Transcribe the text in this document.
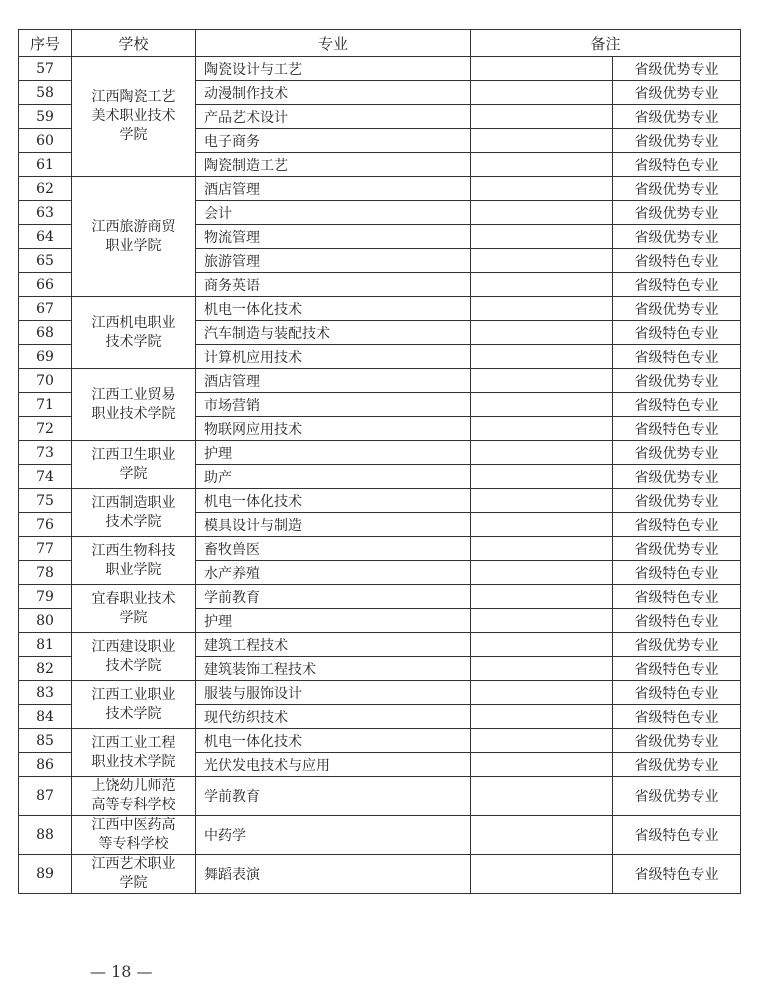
序号	学校	专业	备注	
57	江西陶瓷工艺
美术职业技术
学院	陶瓷设计与工艺		省级优势专业
58		动漫制作技术		省级优势专业
59		产品艺术设计		省级优势专业
60		电子商务		省级优势专业
61		陶瓷制造工艺		省级特色专业
62	江西旅游商贸
职业学院	酒店管理		省级优势专业
63		会计		省级优势专业
64		物流管理		省级优势专业
65		旅游管理		省级特色专业
66		商务英语		省级特色专业
67	江西机电职业
技术学院	机电一体化技术		省级优势专业
68		汽车制造与装配技术		省级特色专业
69		计算机应用技术		省级特色专业
70	江西工业贸易
职业技术学院	酒店管理		省级优势专业
71		市场营销		省级特色专业
72		物联网应用技术		省级特色专业
73	江西卫生职业
学院	护理		省级优势专业
74		助产		省级优势专业
75	江西制造职业
技术学院	机电一体化技术		省级优势专业
76		模具设计与制造		省级特色专业
77	江西生物科技
职业学院	畜牧兽医		省级优势专业
78		水产养殖		省级特色专业
79	宜春职业技术
学院	学前教育		省级特色专业
80		护理		省级特色专业
81	江西建设职业
技术学院	建筑工程技术		省级优势专业
82		建筑装饰工程技术		省级特色专业
83	江西工业职业
技术学院	服装与服饰设计		省级特色专业
84		现代纺织技术		省级特色专业
85	江西工业工程
职业技术学院	机电一体化技术		省级优势专业
86		光伏发电技术与应用		省级优势专业
87	上饶幼儿师范
高等专科学校	学前教育		省级优势专业
88	江西中医药高
等专科学校	中药学		省级特色专业
89	江西艺术职业
学院	舞蹈表演		省级特色专业
— 18 —
